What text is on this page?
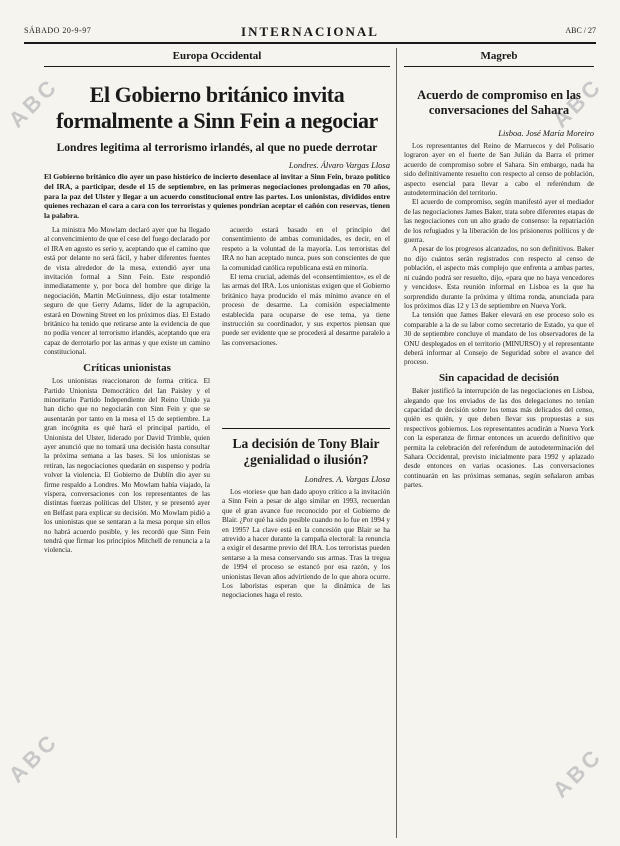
ABC
ABC
ABC
ABC
SÁBADO 20-9-97	INTERNACIONAL	ABC / 27
Europa Occidental
El Gobierno británico invita formalmente a Sinn Fein a negociar
Londres legitima al terrorismo irlandés, al que no puede derrotar
Londres. Álvaro Vargas Llosa
El Gobierno británico dio ayer un paso histórico de incierto desenlace al invitar a Sinn Fein, brazo político del IRA, a participar, desde el 15 de septiembre, en las primeras negociaciones prolongadas en 70 años, para la paz del Ulster y llegar a un acuerdo constitucional entre las partes. Los unionistas, divididos entre quienes rechazan el cara a cara con los terroristas y quienes pondrían aceptar el cañón con reservas, tienen la palabra.

La ministra Mo Mowlam declaró ayer que ha llegado al convencimiento de que el cese del fuego declarado por el IRA en agosto es serio y, aceptando que el camino que está por delante no será fácil, y haber diferentes fuentes de vista alrededor de la mesa, extendió ayer una invitación formal a Sinn Fein. Este respondió inmediatamente y, por boca del hombre que dirige la negociación, Martin McGuinness, dijo estar totalmente seguro de que Gerry Adams, líder de la agrupación, estará en Downing Street en los próximos días. El Estado británico ha tenido que retirarse ante la evidencia de que no podía vencer al terrorismo irlandés, aceptando que era capaz de derrotarlo por las armas y que existe un camino constitucional.

Críticas unionistas

Los unionistas reaccionaron de forma crítica. El Partido Unionista Democrático del Ian Paisley y el minoritario Partido Independiente del Reino Unido ya han dicho que no negociarán con Sinn Fein y que se ausentarán por tanto en la mesa el 15 de septiembre. La gran incógnita es qué hará el principal partido, el Unionista del Ulster, liderado por David Trimble, quien ayer anunció que no tomará una decisión hasta consultar la próxima semana a las bases. Si los unionistas se retiran, las negociaciones quedarán en suspenso y podría volver la violencia. El Gobierno de Dublín dio ayer su firme respaldo a Londres. Mo Mowlam había viajado, la víspera, conversaciones con los representantes de las distintas fuerzas políticas del Ulster, y se presentó ayer en Belfast para explicar su decisión. Mo Mowlam pidió a los unionistas que se sentaran a la mesa porque sin ellos no habrá acuerdo posible, y les recordó que Sinn Fein tendrá que firmar los principios Mitchell de renuncia a la violencia.

acuerdo estará basado en el principio del consentimiento de ambas comunidades, es decir, en el respeto a la voluntad de la mayoría. Los terroristas del IRA no han aceptado nunca, pues son conscientes de que la comunidad católica republicana está en minoría.

El tema crucial, además del «consentimiento», es el de las armas del IRA. Los unionistas exigen que el Gobierno británico haya producido el más mínimo avance en el proceso de desarme. La comisión especialmente establecida para ocuparse de ese tema, ya tiene instrucción su coordinador, y sus expertos piensan que puede ser evidente que se procederá al desarme paralelo a las conversaciones.

La decisión de Tony Blair ¿genialidad o ilusión?
Londres. A. Vargas Llosa

Los «tories» que han dado apoyo crítico a la invitación a Sinn Fein a pesar de algo similar en 1993, recuerdan que el gran avance fue reconocido por el Gobierno de Blair. ¿Por qué ha sido posible cuando no lo fue en 1994 y en 1995? La clave está en la concesión que Blair se ha atrevido a hacer durante la campaña electoral: la renuncia a exigir el desarme previo del IRA. Los terroristas pueden sentarse a la mesa conservando sus armas. Tras la tregua de 1994 el proceso se estancó por esa razón, y los unionistas llevan años advirtiendo de lo que ahora ocurre. Los laboristas esperan que la dinámica de las negociaciones haga el resto.

Magreb
Acuerdo de compromiso en las conversaciones del Sahara
Lisboa. José María Moreiro

Los representantes del Reino de Marruecos y del Polisario lograron ayer en el fuerte de San Julián da Barra el primer acuerdo de compromiso sobre el Sahara. Sin embargo, nada ha sido definitivamente resuelto con respecto al censo de población, aspecto esencial para llevar a cabo el referéndum de autodeterminación del territorio.

El acuerdo de compromiso, según manifestó ayer el mediador de las negociaciones James Baker, trata sobre diferentes etapas de las negociaciones con un alto grado de consenso: la repatriación de los refugiados y la liberación de los prisioneros políticos y de guerra.

A pesar de los progresos alcanzados, no son definitivos. Baker no dijo cuántos serán registrados con respecto al censo de población, el aspecto más complejo que enfrenta a ambas partes, ni cuándo podrá ser resuelto, dijo, «para que no haya vencedores y vencidos». Esta reunión informal en Lisboa es la que ha sorprendido durante la próxima y última ronda, anunciada para los próximos días 12 y 13 de septiembre en Nueva York.

La tensión que James Baker elevará en ese proceso solo es comparable a la de su labor como secretario de Estado, ya que el 30 de septiembre concluye el mandato de los observadores de la ONU desplegados en el territorio (MINURSO) y el representante deberá informar al Consejo de Seguridad sobre el avance del proceso.

Sin capacidad de decisión

Baker justificó la interrupción de las negociaciones en Lisboa, alegando que los enviados de las dos delegaciones no tenían capacidad de decisión sobre los temas más delicados del censo, quién es quién, y que deben llevar sus propuestas a sus respectivos gobiernos. Los representantes acudirán a Nueva York con la esperanza de firmar entonces un acuerdo definitivo que permita la celebración del referéndum de autodeterminación del Sahara Occidental, previsto inicialmente para 1992 y aplazado desde entonces en varias ocasiones. Las conversaciones continuarán en las próximas semanas, según señalaron ambas partes.
